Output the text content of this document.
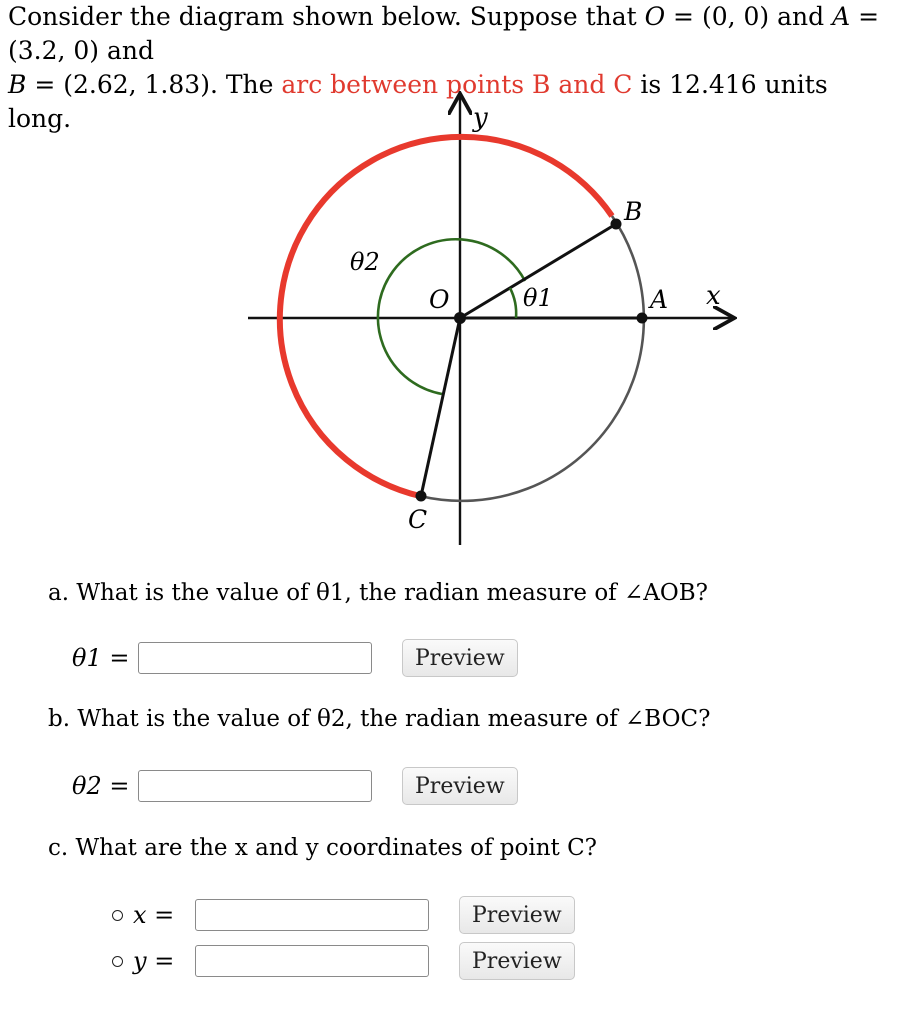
Consider the diagram shown below. Suppose that O = (0, 0) and A = (3.2, 0) and
B = (2.62, 1.83). The arc between points B and C is 12.416 units long.	y
x
O	A
B
C
θ2
θ1
a. What is the value of θ1, the radian measure of ∠AOB?
θ1 =	Preview
b. What is the value of θ2, the radian measure of ∠BOC?
θ2 =	Preview
c. What are the x and y coordinates of point C?
x =	Preview
y =	Preview
